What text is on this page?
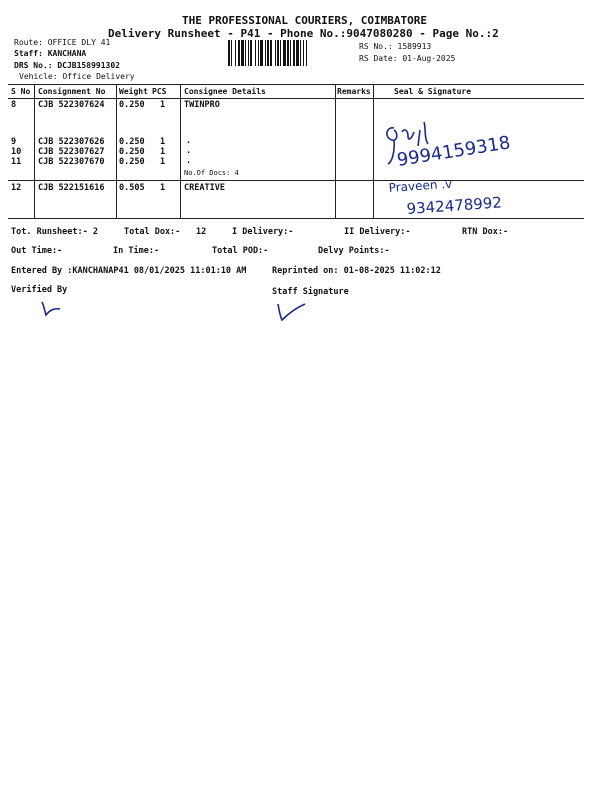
THE PROFESSIONAL COURIERS, COIMBATORE
Delivery Runsheet - P41 - Phone No.:9047080280 - Page No.:2
Route: OFFICE DLY 41
Staff: KANCHANA
DRS No.: DCJB158991302
Vehicle: Office Delivery
RS No.: 1589913
RS Date: 01-Aug-2025
S No Consignment No Weight PCS Consignee Details	Remarks	Seal & Signature
8	CJB 522307624 0.250 1 TWINPRO
9	CJB 522307626 0.250 1 .
10 CJB 522307627 0.250 1 .
11 CJB 522307670 0.250 1 .
No.Of Docs: 4
12 CJB 522151616 0.505 1 CREATIVE
9994159318
Praveen .v
9342478992
Tot. Runsheet:- 2	Total Dox:- 12	I Delivery:-	II Delivery:-	RTN Dox:-
Out Time:-	In Time:-	Total POD:-	Delvy Points:-
Entered By :KANCHANAP41 08/01/2025 11:01:10 AM	Reprinted on: 01-08-2025 11:02:12
Verified By	Staff Signature
